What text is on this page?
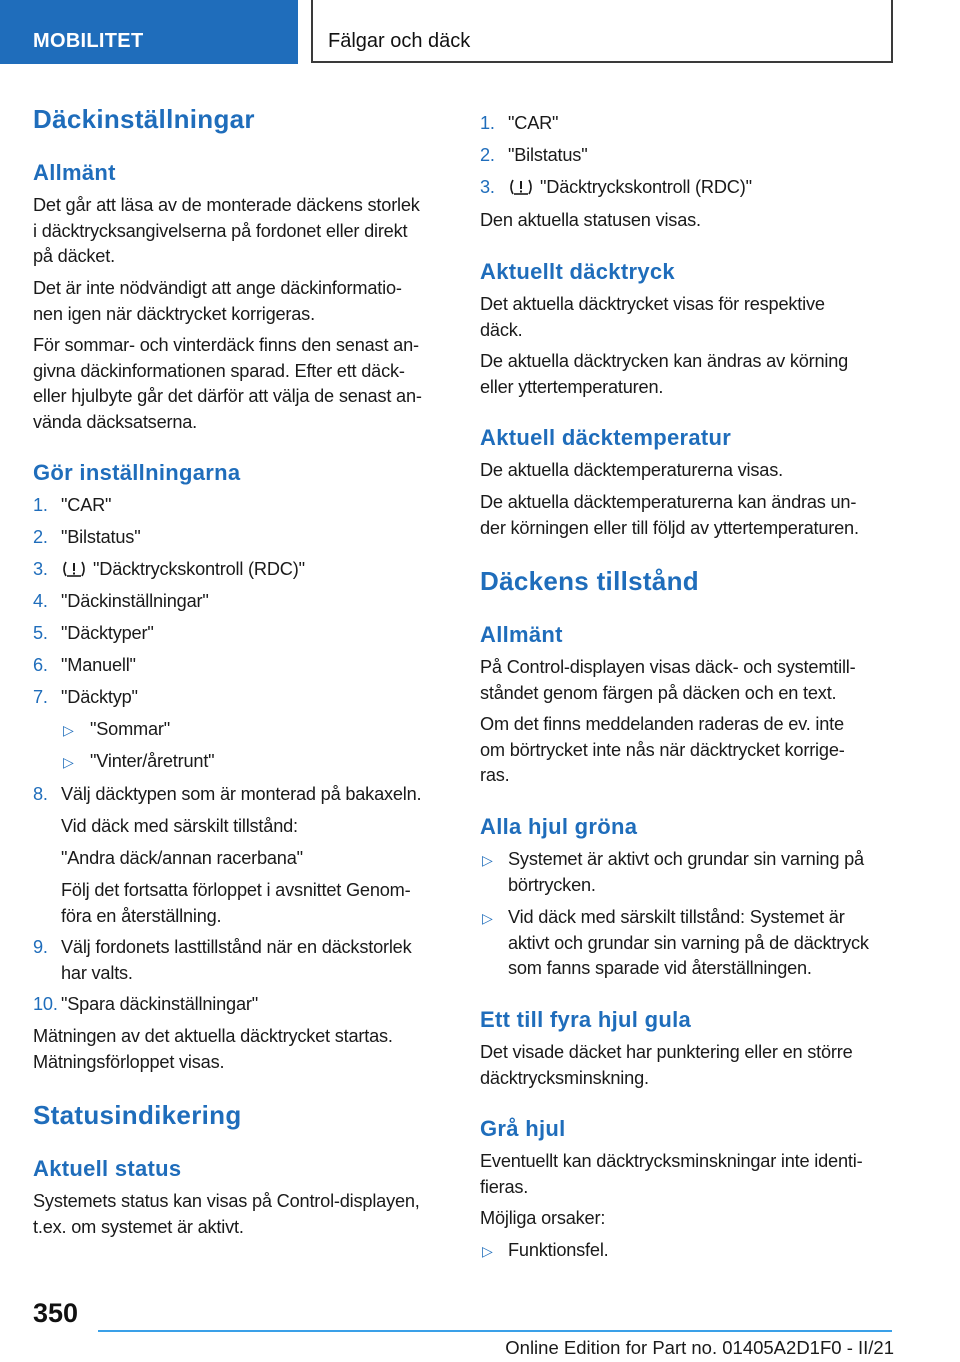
MOBILITET	Fälgar och däck
Däckinställningar
Allmänt
Det går att läsa av de monterade däckens storlek
i däcktrycksangivelserna på fordonet eller direkt
på däcket.
Det är inte nödvändigt att ange däckinformatio-
nen igen när däcktrycket korrigeras.
För sommar- och vinterdäck finns den senast an-
givna däckinformationen sparad. Efter ett däck-
eller hjulbyte går det därför att välja de senast an-
vända däcksatserna.
Gör inställningarna
1. "CAR"
2. "Bilstatus"
3. "Däcktryckskontroll (RDC)"
4. "Däckinställningar"
5. "Däcktyper"
6. "Manuell"
7. "Däcktyp"
▷ "Sommar"
▷ "Vinter/åretrunt"
8. Välj däcktypen som är monterad på bakaxeln.
Vid däck med särskilt tillstånd:
"Andra däck/annan racerbana"
Följ det fortsatta förloppet i avsnittet Genom-
föra en återställning.
9. Välj fordonets lasttillstånd när en däckstorlek
har valts.
10. "Spara däckinställningar"
Mätningen av det aktuella däcktrycket startas.
Mätningsförloppet visas.
Statusindikering
Aktuell status
Systemets status kan visas på Control-displayen,
t.ex. om systemet är aktivt.
1. "CAR"
2. "Bilstatus"
3. "Däcktryckskontroll (RDC)"
Den aktuella statusen visas.
Aktuellt däcktryck
Det aktuella däcktrycket visas för respektive
däck.
De aktuella däcktrycken kan ändras av körning
eller yttertemperaturen.
Aktuell däcktemperatur
De aktuella däcktemperaturerna visas.
De aktuella däcktemperaturerna kan ändras un-
der körningen eller till följd av yttertemperaturen.
Däckens tillstånd
Allmänt
På Control-displayen visas däck- och systemtill-
ståndet genom färgen på däcken och en text.
Om det finns meddelanden raderas de ev. inte
om börtrycket inte nås när däcktrycket korrige-
ras.
Alla hjul gröna
▷ Systemet är aktivt och grundar sin varning på
börtrycken.
▷ Vid däck med särskilt tillstånd: Systemet är
aktivt och grundar sin varning på de däcktryck
som fanns sparade vid återställningen.
Ett till fyra hjul gula
Det visade däcket har punktering eller en större
däcktrycksminskning.
Grå hjul
Eventuellt kan däcktrycksminskningar inte identi-
fieras.
Möjliga orsaker:
▷ Funktionsfel.
350
Online Edition for Part no. 01405A2D1F0 - II/21
